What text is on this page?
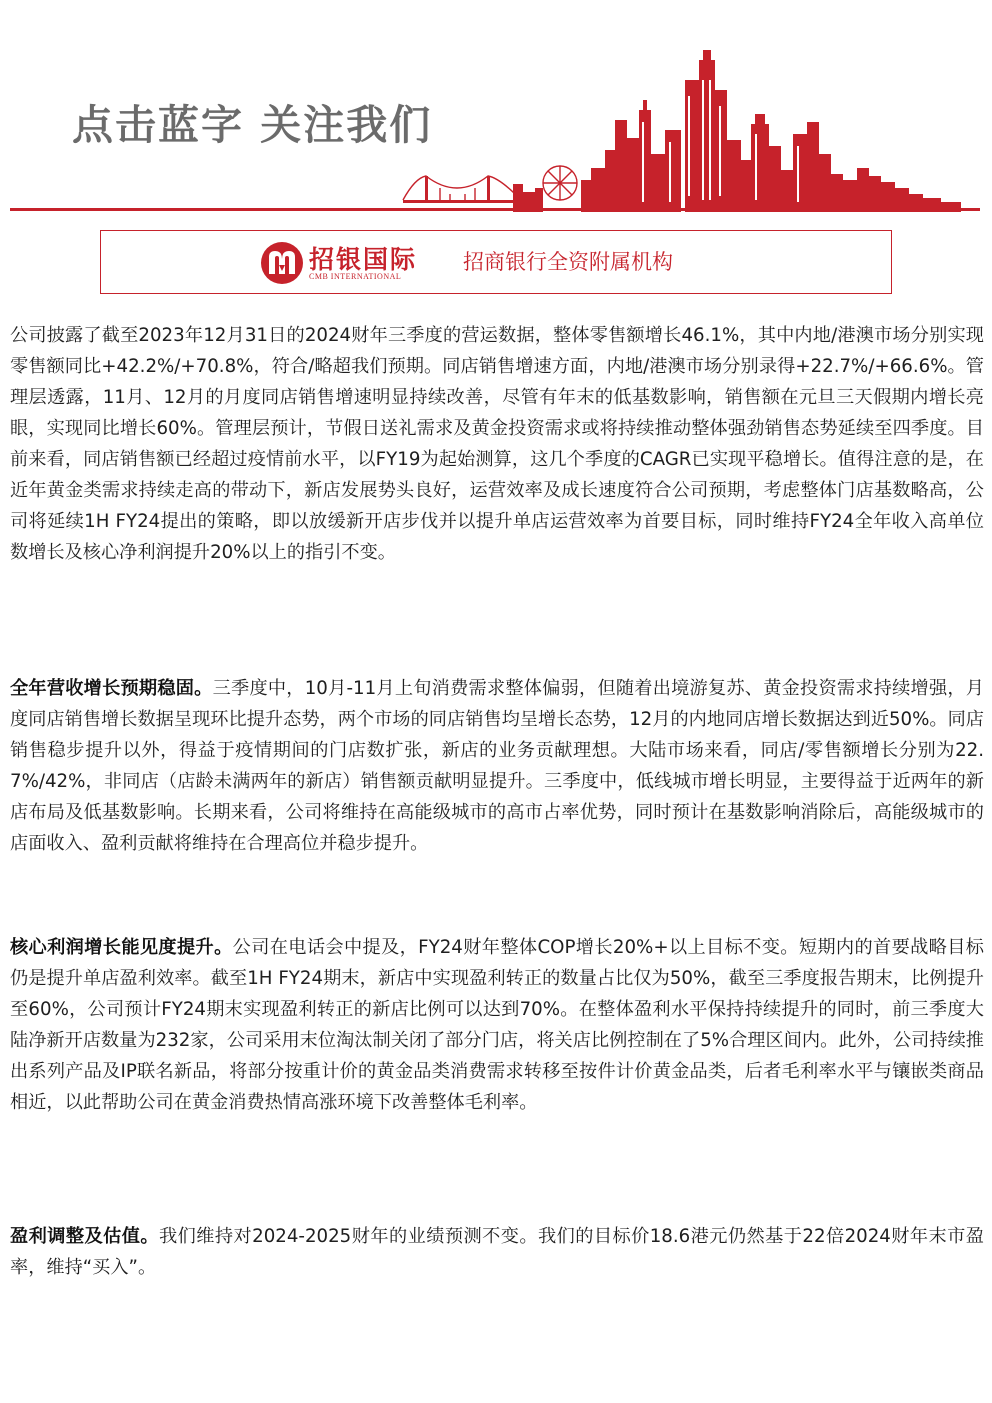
点击蓝字 关注我们
招银国际
CMB INTERNATIONAL
招商银行全资附属机构

公司披露了截至2023年12月31日的2024财年三季度的营运数据，整体零售额增长46.1%，其中内地/港澳市场分别实现零售额同比+42.2%/+70.8%，符合/略超我们预期。同店销售增速方面，内地/港澳市场分别录得+22.7%/+66.6%。管理层透露，11月、12月的月度同店销售增速明显持续改善，尽管有年末的低基数影响，销售额在元旦三天假期内增长亮眼，实现同比增长60%。管理层预计，节假日送礼需求及黄金投资需求或将持续推动整体强劲销售态势延续至四季度。目前来看，同店销售额已经超过疫情前水平，以FY19为起始测算，这几个季度的CAGR已实现平稳增长。值得注意的是，在近年黄金类需求持续走高的带动下，新店发展势头良好，运营效率及成长速度符合公司预期，考虑整体门店基数略高，公司将延续1H FY24提出的策略，即以放缓新开店步伐并以提升单店运营效率为首要目标，同时维持FY24全年收入高单位数增长及核心净利润提升20%以上的指引不变。

全年营收增长预期稳固。三季度中，10月-11月上旬消费需求整体偏弱，但随着出境游复苏、黄金投资需求持续增强，月度同店销售增长数据呈现环比提升态势，两个市场的同店销售均呈增长态势，12月的内地同店增长数据达到近50%。同店销售稳步提升以外，得益于疫情期间的门店数扩张，新店的业务贡献理想。大陆市场来看，同店/零售额增长分别为22.7%/42%，非同店（店龄未满两年的新店）销售额贡献明显提升。三季度中，低线城市增长明显，主要得益于近两年的新店布局及低基数影响。长期来看，公司将维持在高能级城市的高市占率优势，同时预计在基数影响消除后，高能级城市的店面收入、盈利贡献将维持在合理高位并稳步提升。

核心利润增长能见度提升。公司在电话会中提及，FY24财年整体COP增长20%+以上目标不变。短期内的首要战略目标仍是提升单店盈利效率。截至1H FY24期末，新店中实现盈利转正的数量占比仅为50%，截至三季度报告期末，比例提升至60%，公司预计FY24期末实现盈利转正的新店比例可以达到70%。在整体盈利水平保持持续提升的同时，前三季度大陆净新开店数量为232家，公司采用末位淘汰制关闭了部分门店，将关店比例控制在了5%合理区间内。此外，公司持续推出系列产品及IP联名新品，将部分按重计价的黄金品类消费需求转移至按件计价黄金品类，后者毛利率水平与镶嵌类商品相近，以此帮助公司在黄金消费热情高涨环境下改善整体毛利率。

盈利调整及估值。我们维持对2024-2025财年的业绩预测不变。我们的目标价18.6港元仍然基于22倍2024财年末市盈率，维持“买入”。
